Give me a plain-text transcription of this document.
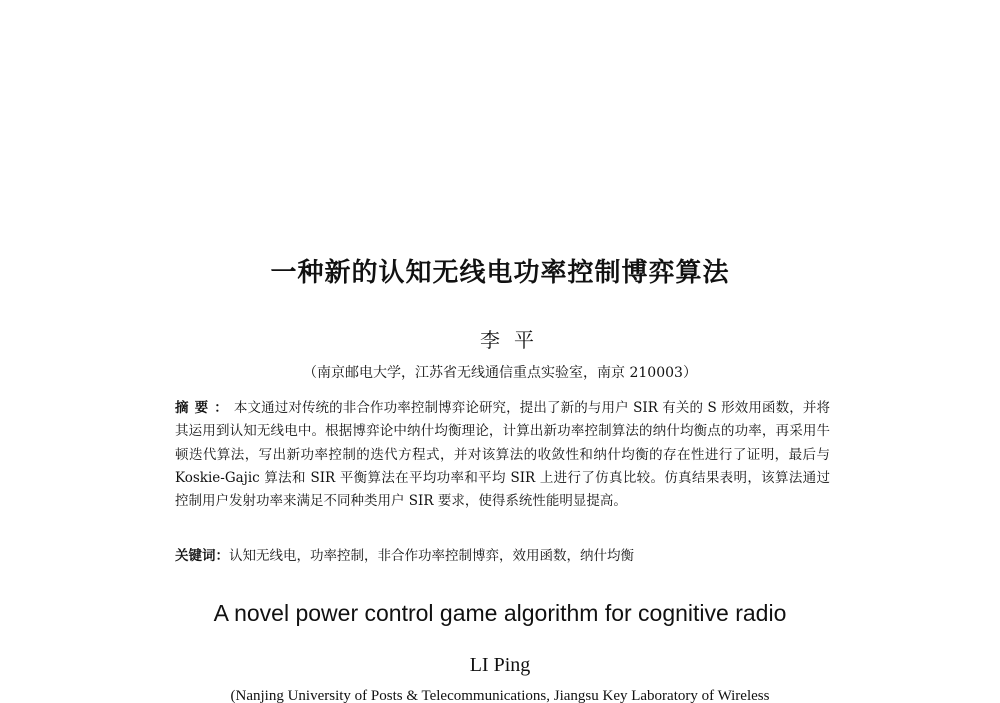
一种新的认知无线电功率控制博弈算法
李平
（南京邮电大学，江苏省无线通信重点实验室，南京 210003）
摘要：本文通过对传统的非合作功率控制博弈论研究，提出了新的与用户 SIR 有关的 S 形效用函数，并将其运用到认知无线电中。根据博弈论中纳什均衡理论，计算出新功率控制算法的纳什均衡点的功率，再采用牛顿迭代算法，写出新功率控制的迭代方程式，并对该算法的收敛性和纳什均衡的存在性进行了证明，最后与 Koskie-Gajic 算法和 SIR 平衡算法在平均功率和平均 SIR 上进行了仿真比较。仿真结果表明，该算法通过控制用户发射功率来满足不同种类用户 SIR 要求，使得系统性能明显提高。
关键词：认知无线电，功率控制，非合作功率控制博弈，效用函数，纳什均衡
A novel power control game algorithm for cognitive radio
LI Ping
(Nanjing University of Posts & Telecommunications, Jiangsu Key Laboratory of Wireless
